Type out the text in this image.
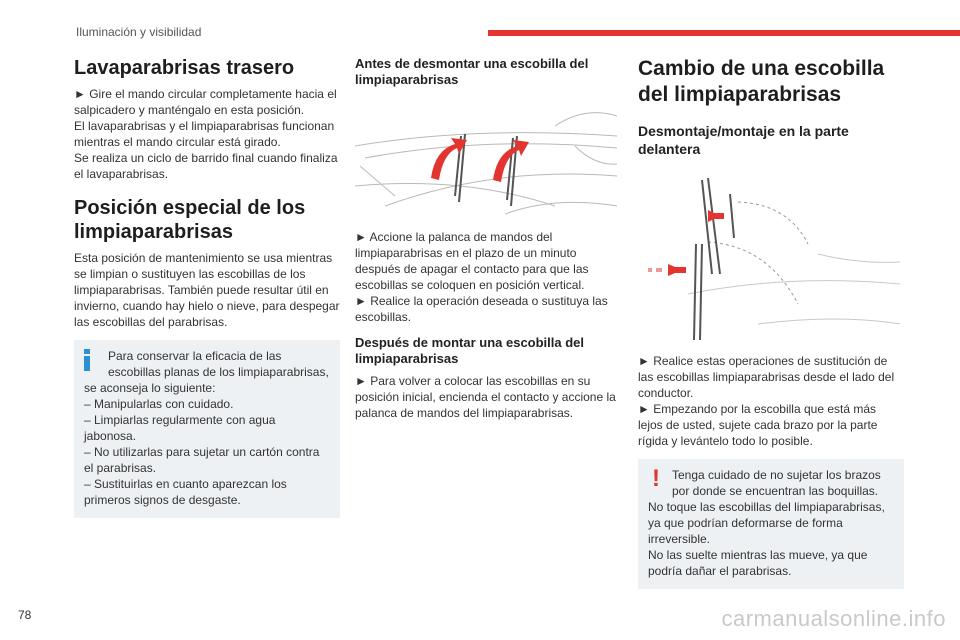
Iluminación y visibilidad
Lavaparabrisas trasero

► Gire el mando circular completamente hacia el salpicadero y manténgalo en esta posición.

El lavaparabrisas y el limpiaparabrisas funcionan mientras el mando circular está girado.

Se realiza un ciclo de barrido final cuando finaliza el lavaparabrisas.

Posición especial de los limpiaparabrisas

Esta posición de mantenimiento se usa mientras se limpian o sustituyen las escobillas de los limpiaparabrisas. También puede resultar útil en invierno, cuando hay hielo o nieve, para despegar las escobillas del parabrisas.

Para conservar la eficacia de las escobillas planas de los limpiaparabrisas,

se aconseja lo siguiente:

– Manipularlas con cuidado.

– Limpiarlas regularmente con agua jabonosa.

– No utilizarlas para sujetar un cartón contra el parabrisas.

– Sustituirlas en cuanto aparezcan los primeros signos de desgaste.

Antes de desmontar una escobilla del limpiaparabrisas

► Accione la palanca de mandos del limpiaparabrisas en el plazo de un minuto después de apagar el contacto para que las escobillas se coloquen en posición vertical.

► Realice la operación deseada o sustituya las escobillas.

Después de montar una escobilla del limpiaparabrisas

► Para volver a colocar las escobillas en su posición inicial, encienda el contacto y accione la palanca de mandos del limpiaparabrisas.

Cambio de una escobilla del limpiaparabrisas
Desmontaje/montaje en la parte delantera

► Realice estas operaciones de sustitución de las escobillas limpiaparabrisas desde el lado del conductor.

► Empezando por la escobilla que está más lejos de usted, sujete cada brazo por la parte rígida y levántelo todo lo posible.

!	Tenga cuidado de no sujetar los brazos por donde se encuentran las boquillas.

No toque las escobillas del limpiaparabrisas, ya que podrían deformarse de forma irreversible.

No las suelte mientras las mueve, ya que podría dañar el parabrisas.

78	carmanualsonline.info
